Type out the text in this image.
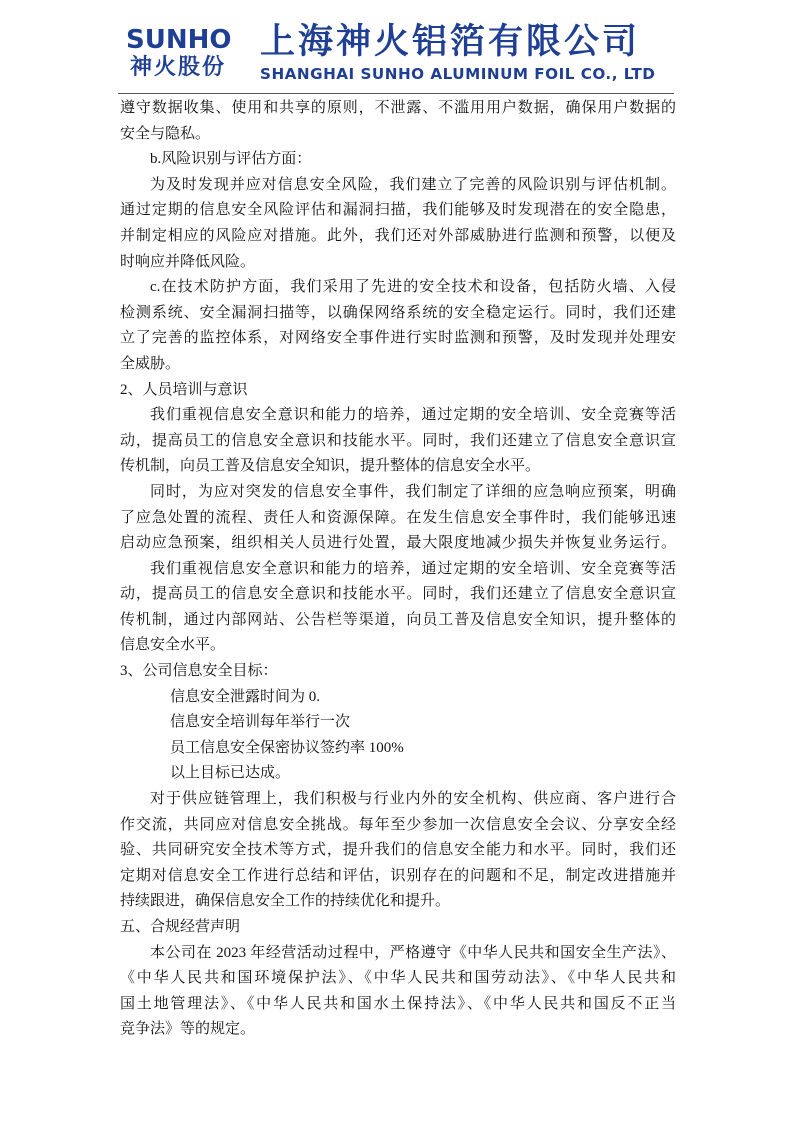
SUNHO
神火股份
上海神火铝箔有限公司
SHANGHAI SUNHO ALUMINUM FOIL CO., LTD
遵守数据收集、使用和共享的原则，不泄露、不滥用用户数据，确保用户数据的
安全与隐私。
b.风险识别与评估方面：
为及时发现并应对信息安全风险，我们建立了完善的风险识别与评估机制。
通过定期的信息安全风险评估和漏洞扫描，我们能够及时发现潜在的安全隐患，
并制定相应的风险应对措施。此外，我们还对外部威胁进行监测和预警，以便及
时响应并降低风险。
c.在技术防护方面，我们采用了先进的安全技术和设备，包括防火墙、入侵
检测系统、安全漏洞扫描等，以确保网络系统的安全稳定运行。同时，我们还建
立了完善的监控体系，对网络安全事件进行实时监测和预警，及时发现并处理安
全威胁。
2、人员培训与意识
我们重视信息安全意识和能力的培养，通过定期的安全培训、安全竞赛等活
动，提高员工的信息安全意识和技能水平。同时，我们还建立了信息安全意识宣
传机制，向员工普及信息安全知识，提升整体的信息安全水平。
同时，为应对突发的信息安全事件，我们制定了详细的应急响应预案，明确
了应急处置的流程、责任人和资源保障。在发生信息安全事件时，我们能够迅速
启动应急预案，组织相关人员进行处置，最大限度地减少损失并恢复业务运行。
我们重视信息安全意识和能力的培养，通过定期的安全培训、安全竞赛等活
动，提高员工的信息安全意识和技能水平。同时，我们还建立了信息安全意识宣
传机制，通过内部网站、公告栏等渠道，向员工普及信息安全知识，提升整体的
信息安全水平。
3、公司信息安全目标：
信息安全泄露时间为 0.
信息安全培训每年举行一次
员工信息安全保密协议签约率 100%
以上目标已达成。
对于供应链管理上，我们积极与行业内外的安全机构、供应商、客户进行合
作交流，共同应对信息安全挑战。每年至少参加一次信息安全会议、分享安全经
验、共同研究安全技术等方式，提升我们的信息安全能力和水平。同时，我们还
定期对信息安全工作进行总结和评估，识别存在的问题和不足，制定改进措施并
持续跟进，确保信息安全工作的持续优化和提升。
五、合规经营声明
本公司在 2023 年经营活动过程中，严格遵守《中华人民共和国安全生产法》、
《中华人民共和国环境保护法》、《中华人民共和国劳动法》、《中华人民共和
国土地管理法》、《中华人民共和国水土保持法》、《中华人民共和国反不正当
竞争法》等的规定。
